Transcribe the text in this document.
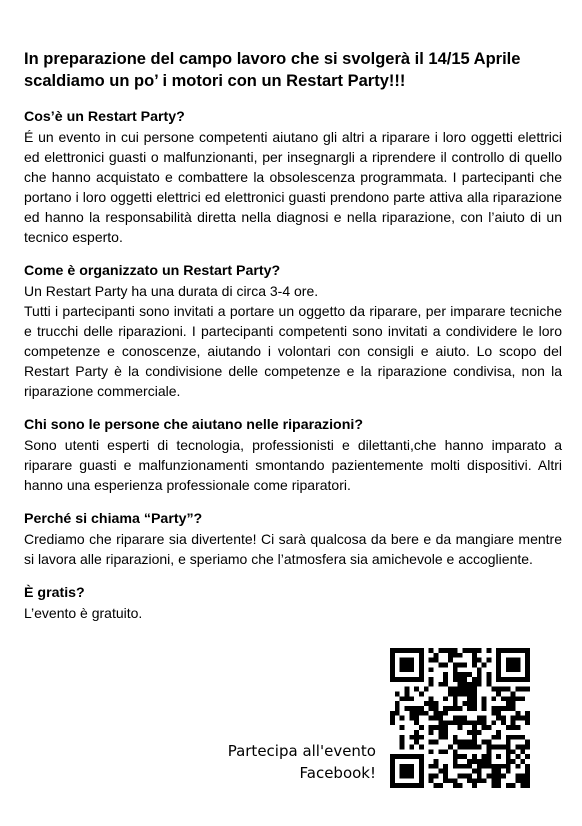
In preparazione del campo lavoro che si svolgerà il 14/15 Aprile scaldiamo un po’ i motori con un Restart Party!!!
Cos’è un Restart Party?

É un evento in cui persone competenti aiutano gli altri a riparare i loro oggetti elettrici ed elettronici guasti o malfunzionanti, per insegnargli a riprendere il controllo di quello che hanno acquistato e combattere la obsolescenza programmata. I partecipanti che portano i loro oggetti elettrici ed elettronici guasti prendono parte attiva alla riparazione ed hanno la responsabilità diretta nella diagnosi e nella riparazione, con l’aiuto di un tecnico esperto.

Come è organizzato un Restart Party?

Un Restart Party ha una durata di circa 3-4 ore.
Tutti i partecipanti sono invitati a portare un oggetto da riparare, per imparare tecniche e trucchi delle riparazioni. I partecipanti competenti sono invitati a condividere le loro competenze e conoscenze, aiutando i volontari con consigli e aiuto. Lo scopo del Restart Party è la condivisione delle competenze e la riparazione condivisa, non la riparazione commerciale.

Chi sono le persone che aiutano nelle riparazioni?

Sono utenti esperti di tecnologia, professionisti e dilettanti,che hanno imparato a riparare guasti e malfunzionamenti smontando pazientemente molti dispositivi. Altri hanno una esperienza professionale come riparatori.

Perché si chiama “Party”?

Crediamo che riparare sia divertente! Ci sarà qualcosa da bere e da mangiare mentre si lavora alle riparazioni, e speriamo che l’atmosfera sia amichevole e accogliente.

È gratis?

L’evento è gratuito.

Partecipa all'evento
Facebook!
